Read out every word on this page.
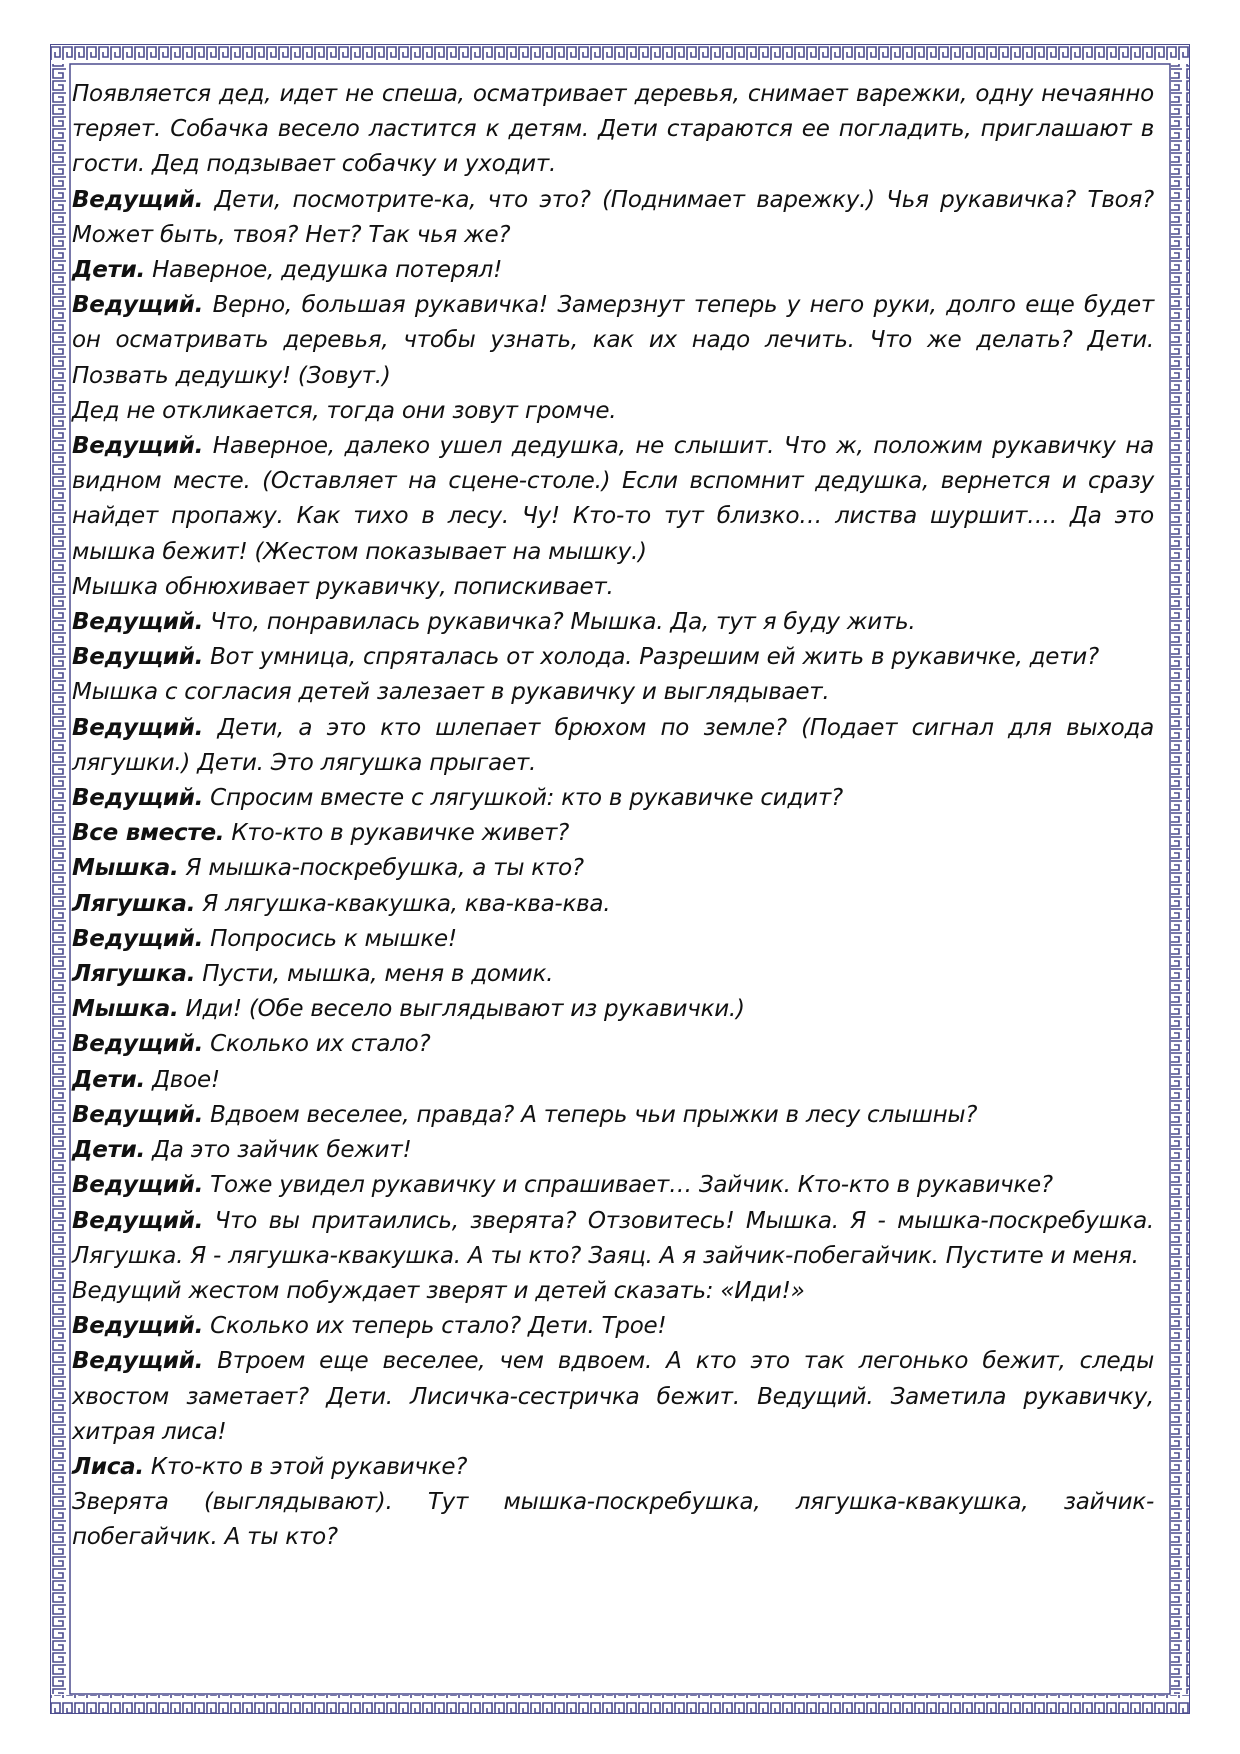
Появляется дед, идет не спеша, осматривает деревья, снимает варежки, одну нечаянно теряет. Собачка весело ластится к детям. Дети стараются ее погладить, приглашают в гости. Дед подзывает собачку и уходит.

Ведущий. Дети, посмотрите-ка, что это? (Поднимает варежку.) Чья рукавичка? Твоя? Может быть, твоя? Нет? Так чья же?

Дети. Наверное, дедушка потерял!

Ведущий. Верно, большая рукавичка! Замерзнут теперь у него руки, долго еще будет он осматривать деревья, чтобы узнать, как их надо лечить. Что же делать? Дети. Позвать дедушку! (Зовут.)

Дед не откликается, тогда они зовут громче.

Ведущий. Наверное, далеко ушел дедушка, не слышит. Что ж, положим рукавичку на видном месте. (Оставляет на сцене-столе.) Если вспомнит дедушка, вернется и сразу найдет пропажу. Как тихо в лесу. Чу! Кто-то тут близко… листва шуршит…. Да это мышка бежит! (Жестом показывает на мышку.)

Мышка обнюхивает рукавичку, попискивает.

Ведущий. Что, понравилась рукавичка? Мышка. Да, тут я буду жить.

Ведущий. Вот умница, спряталась от холода. Разрешим ей жить в рукавичке, дети?

Мышка с согласия детей залезает в рукавичку и выглядывает.

Ведущий. Дети, а это кто шлепает брюхом по земле? (Подает сигнал для выхода лягушки.) Дети. Это лягушка прыгает.

Ведущий. Спросим вместе с лягушкой: кто в рукавичке сидит?

Все вместе. Кто-кто в рукавичке живет?

Мышка. Я мышка-поскребушка, а ты кто?

Лягушка. Я лягушка-квакушка, ква-ква-ква.

Ведущий. Попросись к мышке!

Лягушка. Пусти, мышка, меня в домик.

Мышка. Иди! (Обе весело выглядывают из рукавички.)

Ведущий. Сколько их стало?

Дети. Двое!

Ведущий. Вдвоем веселее, правда? А теперь чьи прыжки в лесу слышны?

Дети. Да это зайчик бежит!

Ведущий. Тоже увидел рукавичку и спрашивает… Зайчик. Кто-кто в рукавичке?

Ведущий. Что вы притаились, зверята? Отзовитесь! Мышка. Я - мышка-поскребушка. Лягушка. Я - лягушка-квакушка. А ты кто? Заяц. А я зайчик-побегайчик. Пустите и меня.

Ведущий жестом побуждает зверят и детей сказать: «Иди!»

Ведущий. Сколько их теперь стало? Дети. Трое!

Ведущий. Втроем еще веселее, чем вдвоем. А кто это так легонько бежит, следы хвостом заметает? Дети. Лисичка-сестричка бежит. Ведущий. Заметила рукавичку, хитрая лиса!

Лиса. Кто-кто в этой рукавичке?

Зверята (выглядывают). Тут мышка-поскребушка, лягушка-квакушка, зайчик-побегайчик. А ты кто?
